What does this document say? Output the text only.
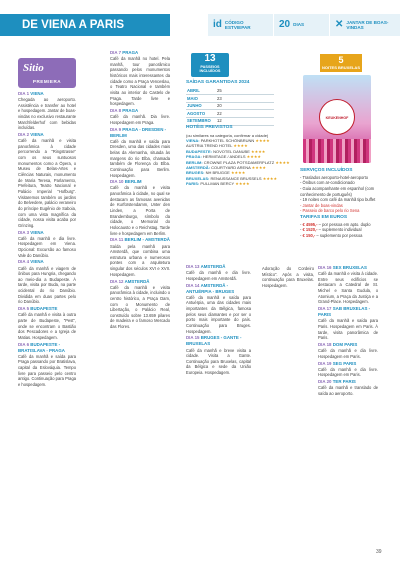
DE VIENA A PARIS	id CÓDIGO ESTVIEPAR	20 DIAS	✕ JANTAR DE BOAS-VINDAS
Sitio
PREMIERA
DIA 1 VIENA
Chegada ao aeroporto. Assistência e transfer ao hotel e hospedagem. Jantar de boas-vindas no exclusivo restaurante Marchfelderhof com bebidas incluídas.
DIA 2 VIENA
Café da manhã e visita panorâmica à cidade percorrendo a "Ringstrasse" com os seus suntuosos monumentos como a Ópera, o Museu de Belas-Artes e Ciências Naturais, monumento de Maria Teresa, Parlamento, Prefeitura, Teatro Nacional e Palácio Imperial "Hofburg". Visitaremos também os jardins do Belvedere, palácio veraneiro do príncipe Eugênio de Saboia, com uma vista magnífica da cidade, nossa visita acaba por Grinzing.
DIA 3 VIENA
Café da manhã e dia livre. Hospedagem em Viena. Opcional: Excursão ao famoso Vale do Danúbio.
DIA 4 VIENA
Café da manhã e viagem de ônibus para Hungria, chegando ao meio-dia a Budapeste. À tarde, visita por Buda, na parte ocidental do rio Danúbio. Dividida em duas partes pelo rio Danúbio.
DIA 5 BUDAPESTE
Café da manhã e visita à outra parte de Budapeste, "Pest", onde se encontram o Bastião dos Pescadores e a Igreja de Matias. Hospedagem.
DIA 6 BUDAPESTE - BRATISLAVA - PRAGA
Café da manhã e saída para Praga passando por Bratislava, capital da Eslováquia. Tempo livre para passeio pelo centro antigo. Continuação para Praga e hospedagem.
DIA 7 PRAGA
Café da manhã no hotel. Pela manhã, tour panorâmico passando pelos monumentos históricos mais interessantes da cidade como a Praça Venceslau, o Teatro Nacional e também visita ao interior do Castelo de Praga. Tarde livre e hospedagem.
DIA 8 PRAGA
Café da manhã. Dia livre. Hospedagem em Praga.
DIA 9 PRAGA - DRESDEN - BERLIM
Café da manhã e saída para Dresden, uma das cidades mais belas da Alemanha, situada às margens do rio Elba, chamada também de Florença do Elba. Continuação para Berlim. Hospedagem.
DIA 10 BERLIM
Café da manhã e visita panorâmica à cidade, no qual se destacam as famosas avenidas de Kurfürstendamm, Unter den Linden, a Porta de Brandemburgo, símbolo da cidade, o Memorial do Holocausto e o Reichstag. Tarde livre e hospedagem em Berlim.
DIA 11 BERLIM - AMSTERDÃ
Saída pela manhã para Amsterdã, que combina uma estrutura urbana e numerosos pontes com a arquitetura singular dos séculos XVI e XVII. Hospedagem.
DIA 12 AMSTERDÃ
Café da manhã e visita panorâmica à cidade, incluindo o centro histórico, a Praça Dam, com o Monumento de Libertação, o Palácio Real, construído sobre 13.659 pilares de madeira e o famoso Mercado das Flores.
13
PASSEIOS INCLUÍDOS
SAÍDAS GARANTIDAS 2024
ABRIL	25
MAIO	23
JUNHO	20
AGOSTO	22
SETEMBRO	12
HOTÉIS PREVISTOS
(ou similares na categoria, confirmar a cidade)
VIENA: PARKHOTEL SCHÖNBRUNN ★★★★
AUSTRIA TREND HOTEL ★★★★
BUDAPESTE: NOVOTEL DANUBE ★★★★
PRAGA: HERMITAGE / ANDELS ★★★★
BERLIM: CROWNE PLAZA POTSDAMERPLATZ ★★★★
AMSTERDÃ: COURTYARD ARENA ★★★★
BRUGES: NH BRUGGE ★★★★
BRUXELAS: RENAISSANCE BRUSSELS ★★★★
PARIS: PULLMAN BERCY ★★★★
DIA 13 AMSTERDÃ
Café da manhã e dia livre. Hospedagem em Amsterdã.
DIA 14 AMSTERDÃ - ANTUÉRPIA - BRUGES
Café da manhã e saída para Antuérpia, uma das cidades mais importantes da Bélgica, famosa pelos seus diamantes e por ser o porto mais importante do país. Continuação para Bruges. Hospedagem.
DIA 15 BRUGES - GANTE - BRUXELAS
Café da manhã e breve visita a cidade. Visita a Gante. Continuação para Bruxelas, capital da Bélgica e sede da União Europeia. Hospedagem.
5
NOITES BRUXELAS
KEUKENHOF
SERVIÇOS INCLUÍDOS
- Traslados aeroporto-hotel-aeroporto
- Ônibus com ar-condicionado
- Guia acompanhante em espanhol (com conhecimento de português)
- 19 noites com café da manhã tipo buffet
- Jantar de boas-vindas
- Passeio de barco pelo rio Sena
TARIFAS EM EUROS
- € 4595,- – por pessoa em apto. duplo
- € 1520,- – suplemento individual
- € 150,- – suplemento por pessoa
Adoração do Cordeiro Místico". Após a visita, continuação para Bruxelas. Hospedagem.
DIA 16 SEX BRUXELAS
Café da manhã e visita à cidade. Entre seus edifícios se destacam a Catedral de St. Michel e Santa Gudula, o Atomium, a Praça da Justiça e a Grand-Place. Hospedagem.
DIA 17 SAB BRUXELAS - PARIS
Café da manhã e saída para Paris. Hospedagem em Paris. À tarde, visita panorâmica de Paris.
DIA 18 DOM PARIS
Café da manhã e dia livre. Hospedagem em Paris.
DIA 19 SEG PARIS
Café da manhã e dia livre. Hospedagem em Paris.
DIA 20 TER PARIS
Café da manhã e translado de saída ao aeroporto.
39
